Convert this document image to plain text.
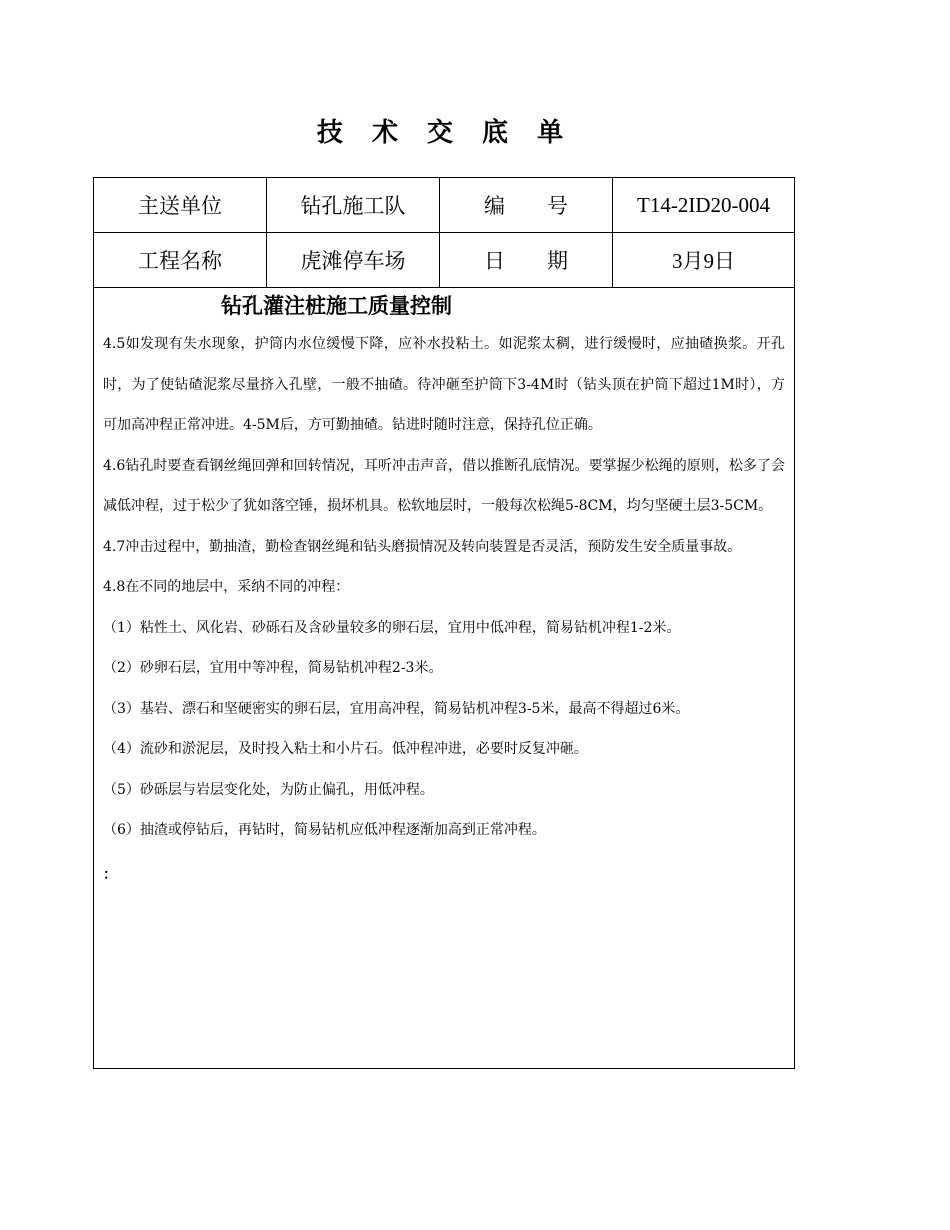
技 术 交 底 单
主送单位	钻孔施工队	编　　号	T14-2ID20-004
工程名称	虎滩停车场	日　　期	3月9日
钻孔灌注桩施工质量控制

4.5如发现有失水现象，护筒内水位缓慢下降，应补水投粘土。如泥浆太稠，进行缓慢时，应抽碴换浆。开孔时，为了使钻碴泥浆尽量挤入孔壁，一般不抽碴。待冲砸至护筒下3-4M时（钻头顶在护筒下超过1M时），方可加高冲程正常冲进。4-5M后，方可勤抽碴。钻进时随时注意，保持孔位正确。

4.6钻孔时要查看钢丝绳回弹和回转情况，耳听冲击声音，借以推断孔底情况。要掌握少松绳的原则，松多了会减低冲程，过于松少了犹如落空锤，损坏机具。松软地层时，一般每次松绳5-8CM，均匀坚硬土层3-5CM。

4.7冲击过程中，勤抽渣，勤检查钢丝绳和钻头磨损情况及转向装置是否灵活，预防发生安全质量事故。

4.8在不同的地层中，采纳不同的冲程：

（1）粘性土、风化岩、砂砾石及含砂量较多的卵石层，宜用中低冲程，简易钻机冲程1-2米。

（2）砂卵石层，宜用中等冲程，简易钻机冲程2-3米。

（3）基岩、漂石和坚硬密实的卵石层，宜用高冲程，简易钻机冲程3-5米，最高不得超过6米。

（4）流砂和淤泥层，及时投入粘土和小片石。低冲程冲进，必要时反复冲砸。

（5）砂砾层与岩层变化处，为防止偏孔，用低冲程。

（6）抽渣或停钻后，再钻时，简易钻机应低冲程逐渐加高到正常冲程。

：
